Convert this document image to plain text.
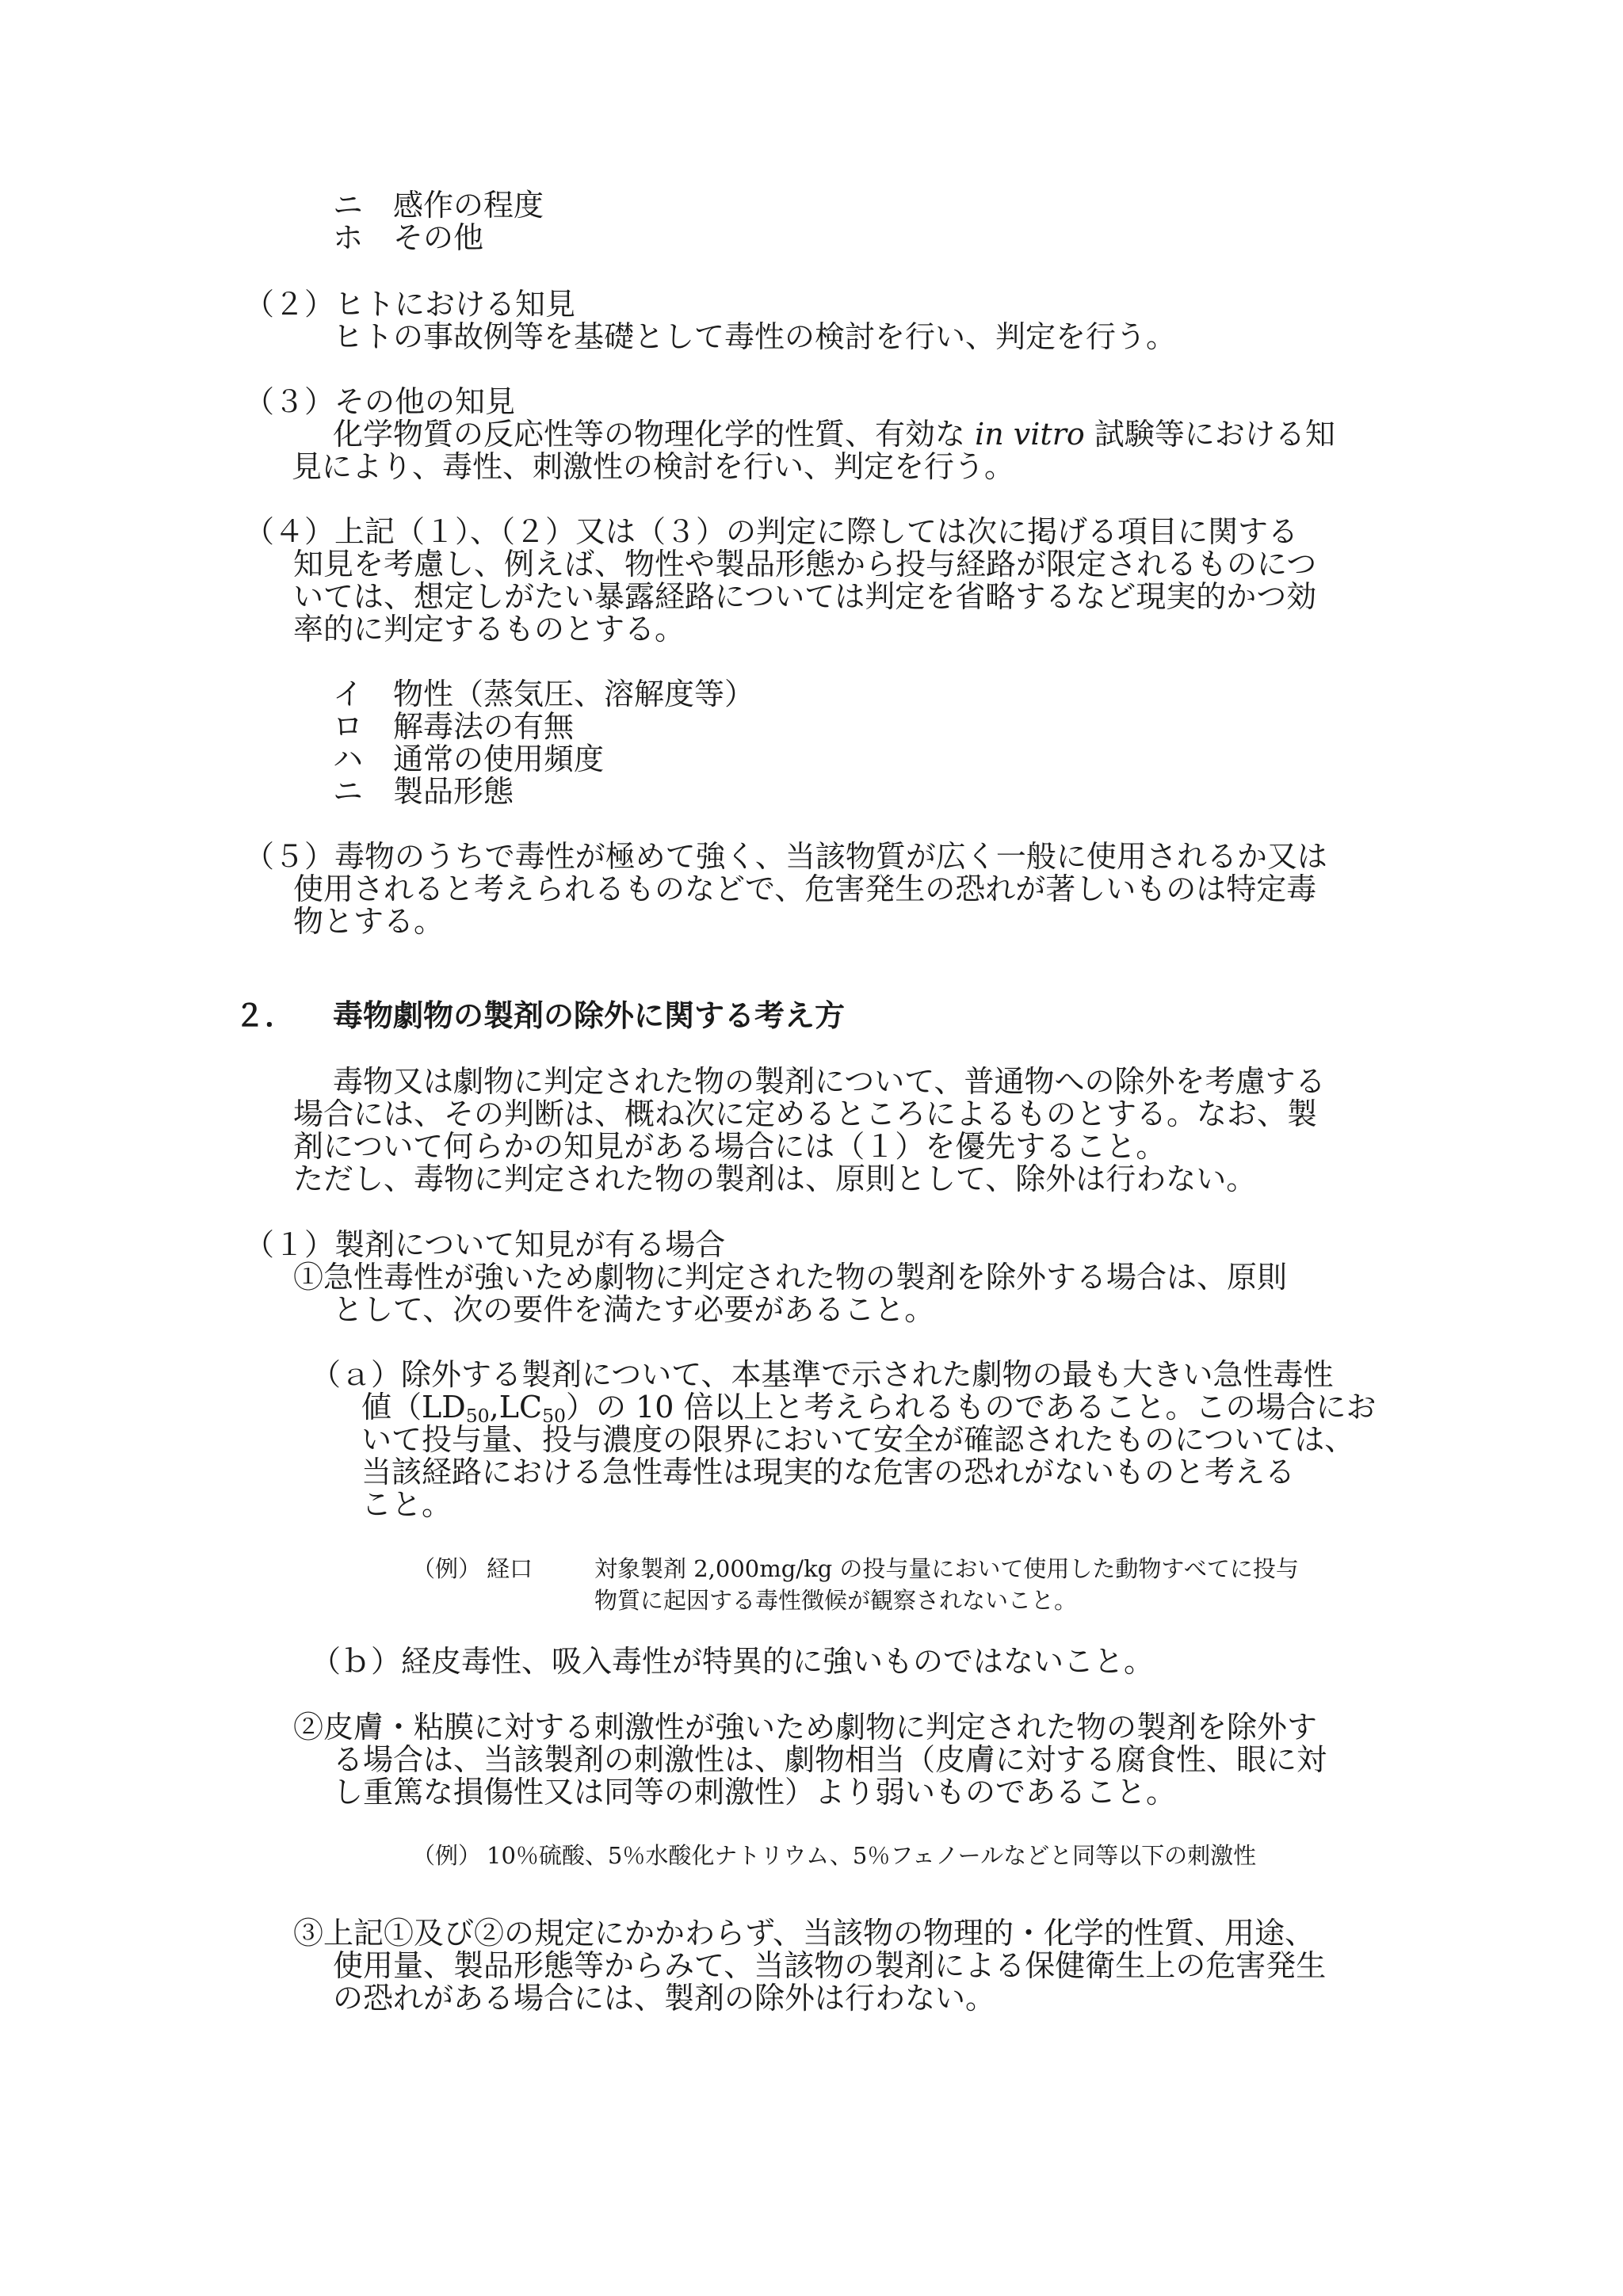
ニ　感作の程度
ホ　その他
（２）ヒトにおける知見
ヒトの事故例等を基礎として毒性の検討を行い、判定を行う。
（３）その他の知見
化学物質の反応性等の物理化学的性質、有効な in vitro 試験等における知
見により、毒性、刺激性の検討を行い、判定を行う。
（４）上記（１）、（２）又は（３）の判定に際しては次に掲げる項目に関する
知見を考慮し、例えば、物性や製品形態から投与経路が限定されるものにつ
いては、想定しがたい暴露経路については判定を省略するなど現実的かつ効
率的に判定するものとする。
イ　物性（蒸気圧、溶解度等）
ロ　解毒法の有無
ハ　通常の使用頻度
ニ　製品形態
（５）毒物のうちで毒性が極めて強く、当該物質が広く一般に使用されるか又は
使用されると考えられるものなどで、危害発生の恐れが著しいものは特定毒
物とする。
２． 毒物劇物の製剤の除外に関する考え方
毒物又は劇物に判定された物の製剤について、普通物への除外を考慮する
場合には、その判断は、概ね次に定めるところによるものとする。なお、製
剤について何らかの知見がある場合には（１）を優先すること。
ただし、毒物に判定された物の製剤は、原則として、除外は行わない。
（１）製剤について知見が有る場合
①急性毒性が強いため劇物に判定された物の製剤を除外する場合は、原則
として、次の要件を満たす必要があること。
（ａ）除外する製剤について、本基準で示された劇物の最も大きい急性毒性
値$(LD_{50},LC_{50})$の 10 倍以上と考えられるものであること。この場合にお
いて投与量、投与濃度の限界において安全が確認されたものについては、
当該経路における急性毒性は現実的な危害の恐れがないものと考える
こと。
（例） 経口	対象製剤 2,000mg/kg の投与量において使用した動物すべてに投与
物質に起因する毒性徴候が観察されないこと。
（ｂ）経皮毒性、吸入毒性が特異的に強いものではないこと。
②皮膚・粘膜に対する刺激性が強いため劇物に判定された物の製剤を除外す
る場合は、当該製剤の刺激性は、劇物相当（皮膚に対する腐食性、眼に対
し重篤な損傷性又は同等の刺激性）より弱いものであること。
（例） 10％硫酸、5％水酸化ナトリウム、5％フェノールなどと同等以下の刺激性
③上記①及び②の規定にかかわらず、当該物の物理的・化学的性質、用途、
使用量、製品形態等からみて、当該物の製剤による保健衛生上の危害発生
の恐れがある場合には、製剤の除外は行わない。
